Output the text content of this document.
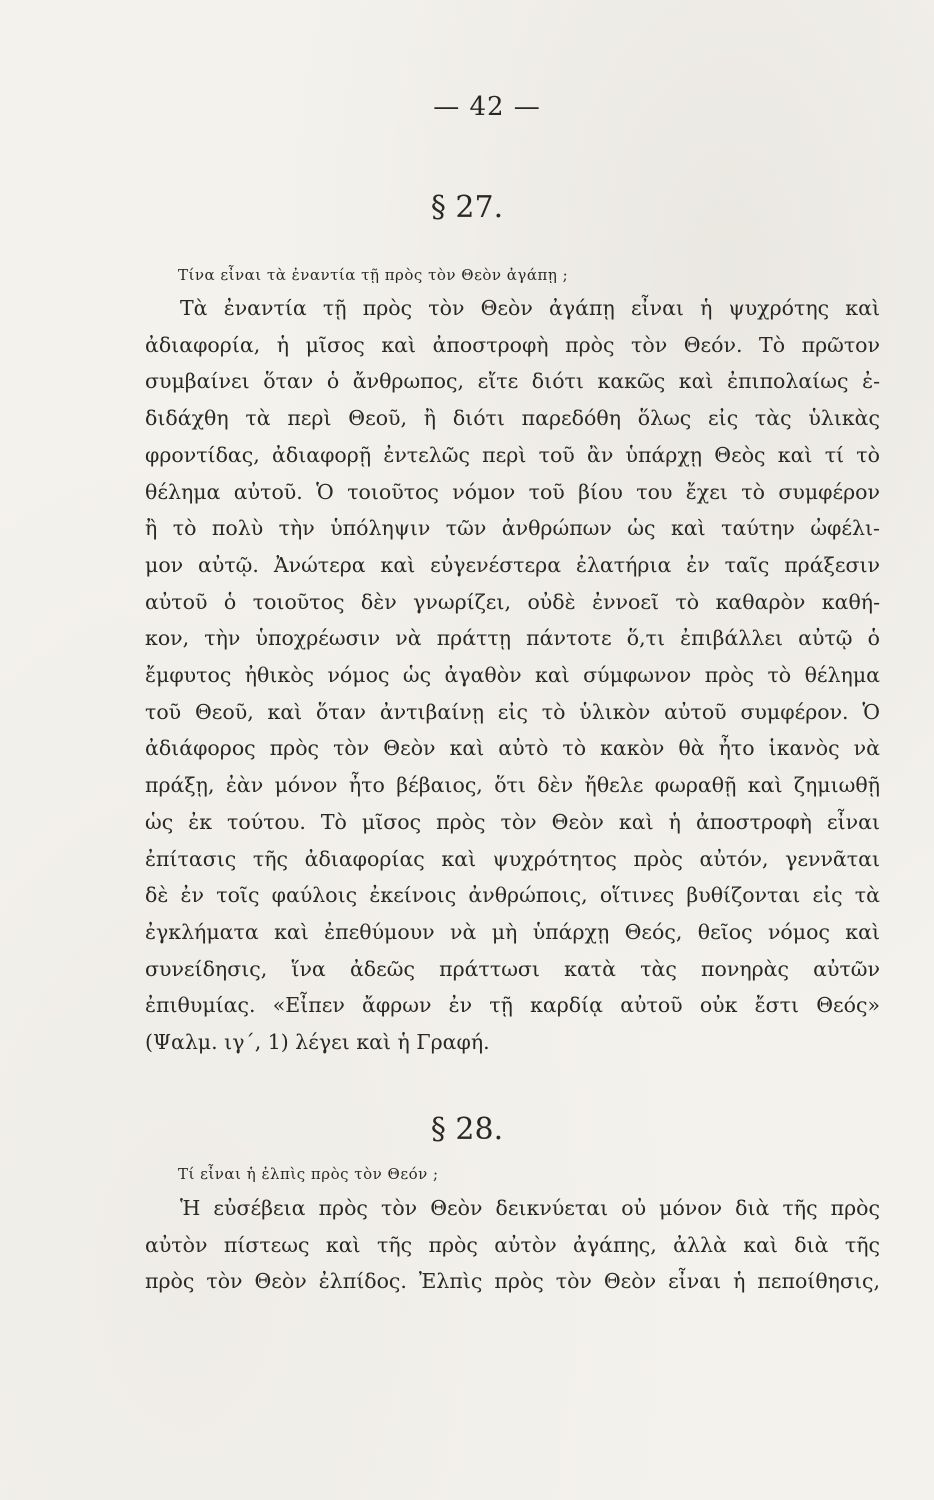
— 42 —
§ 27.
Τίνα εἶναι τὰ ἐναντία τῇ πρὸς τὸν Θεὸν ἀγάπῃ ;
Τὰ ἐναντία τῇ πρὸς τὸν Θεὸν ἀγάπῃ εἶναι ἡ ψυχρότης καὶ
ἀδιαφορία, ἡ μῖσος καὶ ἀποστροφὴ πρὸς τὸν Θεόν. Τὸ πρῶτον
συμβαίνει ὅταν ὁ ἄνθρωπος, εἴτε διότι κακῶς καὶ ἐπιπολαίως ἐ-
διδάχθη τὰ περὶ Θεοῦ, ἢ διότι παρεδόθη ὅλως εἰς τὰς ὑλικὰς
φροντίδας, ἀδιαφορῇ ἐντελῶς περὶ τοῦ ἂν ὑπάρχῃ Θεὸς καὶ τί τὸ
θέλημα αὐτοῦ. Ὁ τοιοῦτος νόμον τοῦ βίου του ἔχει τὸ συμφέρον
ἢ τὸ πολὺ τὴν ὑπόληψιν τῶν ἀνθρώπων ὡς καὶ ταύτην ὠφέλι-
μον αὐτῷ. Ἀνώτερα καὶ εὐγενέστερα ἐλατήρια ἐν ταῖς πράξεσιν
αὐτοῦ ὁ τοιοῦτος δὲν γνωρίζει, οὐδὲ ἐννοεῖ τὸ καθαρὸν καθή-
κον, τὴν ὑποχρέωσιν νὰ πράττῃ πάντοτε ὅ,τι ἐπιβάλλει αὐτῷ ὁ
ἔμφυτος ἠθικὸς νόμος ὡς ἀγαθὸν καὶ σύμφωνον πρὸς τὸ θέλημα
τοῦ Θεοῦ, καὶ ὅταν ἀντιβαίνῃ εἰς τὸ ὑλικὸν αὐτοῦ συμφέρον. Ὁ
ἀδιάφορος πρὸς τὸν Θεὸν καὶ αὐτὸ τὸ κακὸν θὰ ἦτο ἱκανὸς νὰ
πράξῃ, ἐὰν μόνον ἦτο βέβαιος, ὅτι δὲν ἤθελε φωραθῇ καὶ ζημιωθῇ
ὡς ἐκ τούτου. Τὸ μῖσος πρὸς τὸν Θεὸν καὶ ἡ ἀποστροφὴ εἶναι
ἐπίτασις τῆς ἀδιαφορίας καὶ ψυχρότητος πρὸς αὐτόν, γεννᾶται
δὲ ἐν τοῖς φαύλοις ἐκείνοις ἀνθρώποις, οἵτινες βυθίζονται εἰς τὰ
ἐγκλήματα καὶ ἐπεθύμουν νὰ μὴ ὑπάρχῃ Θεός, θεῖος νόμος καὶ
συνείδησις, ἵνα ἀδεῶς πράττωσι κατὰ τὰς πονηρὰς αὐτῶν
ἐπιθυμίας. «Εἶπεν ἄφρων ἐν τῇ καρδίᾳ αὐτοῦ οὐκ ἔστι Θεός»
(Ψαλμ. ιγ΄, 1) λέγει καὶ ἡ Γραφή.
§ 28.
Τί εἶναι ἡ ἐλπὶς πρὸς τὸν Θεόν ;
Ἡ εὐσέβεια πρὸς τὸν Θεὸν δεικνύεται οὐ μόνον διὰ τῆς πρὸς
αὐτὸν πίστεως καὶ τῆς πρὸς αὐτὸν ἀγάπης, ἀλλὰ καὶ διὰ τῆς
πρὸς τὸν Θεὸν ἐλπίδος. Ἐλπὶς πρὸς τὸν Θεὸν εἶναι ἡ πεποίθησις,
